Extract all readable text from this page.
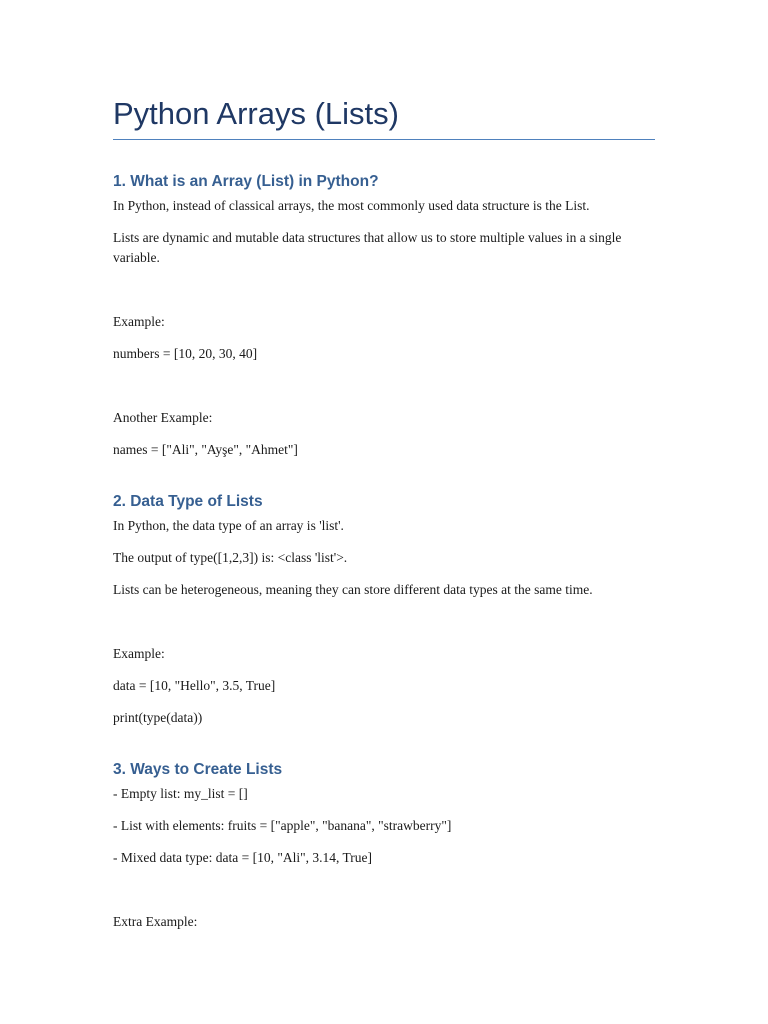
Python Arrays (Lists)
1. What is an Array (List) in Python?

In Python, instead of classical arrays, the most commonly used data structure is the List.

Lists are dynamic and mutable data structures that allow us to store multiple values in a single variable.

Example:

numbers = [10, 20, 30, 40]

Another Example:

names = ["Ali", "Ayşe", "Ahmet"]

2. Data Type of Lists

In Python, the data type of an array is 'list'.

The output of type([1,2,3]) is: <class 'list'>.

Lists can be heterogeneous, meaning they can store different data types at the same time.

Example:

data = [10, "Hello", 3.5, True]

print(type(data))

3. Ways to Create Lists

- Empty list: my_list = []

- List with elements: fruits = ["apple", "banana", "strawberry"]

- Mixed data type: data = [10, "Ali", 3.14, True]

Extra Example:
